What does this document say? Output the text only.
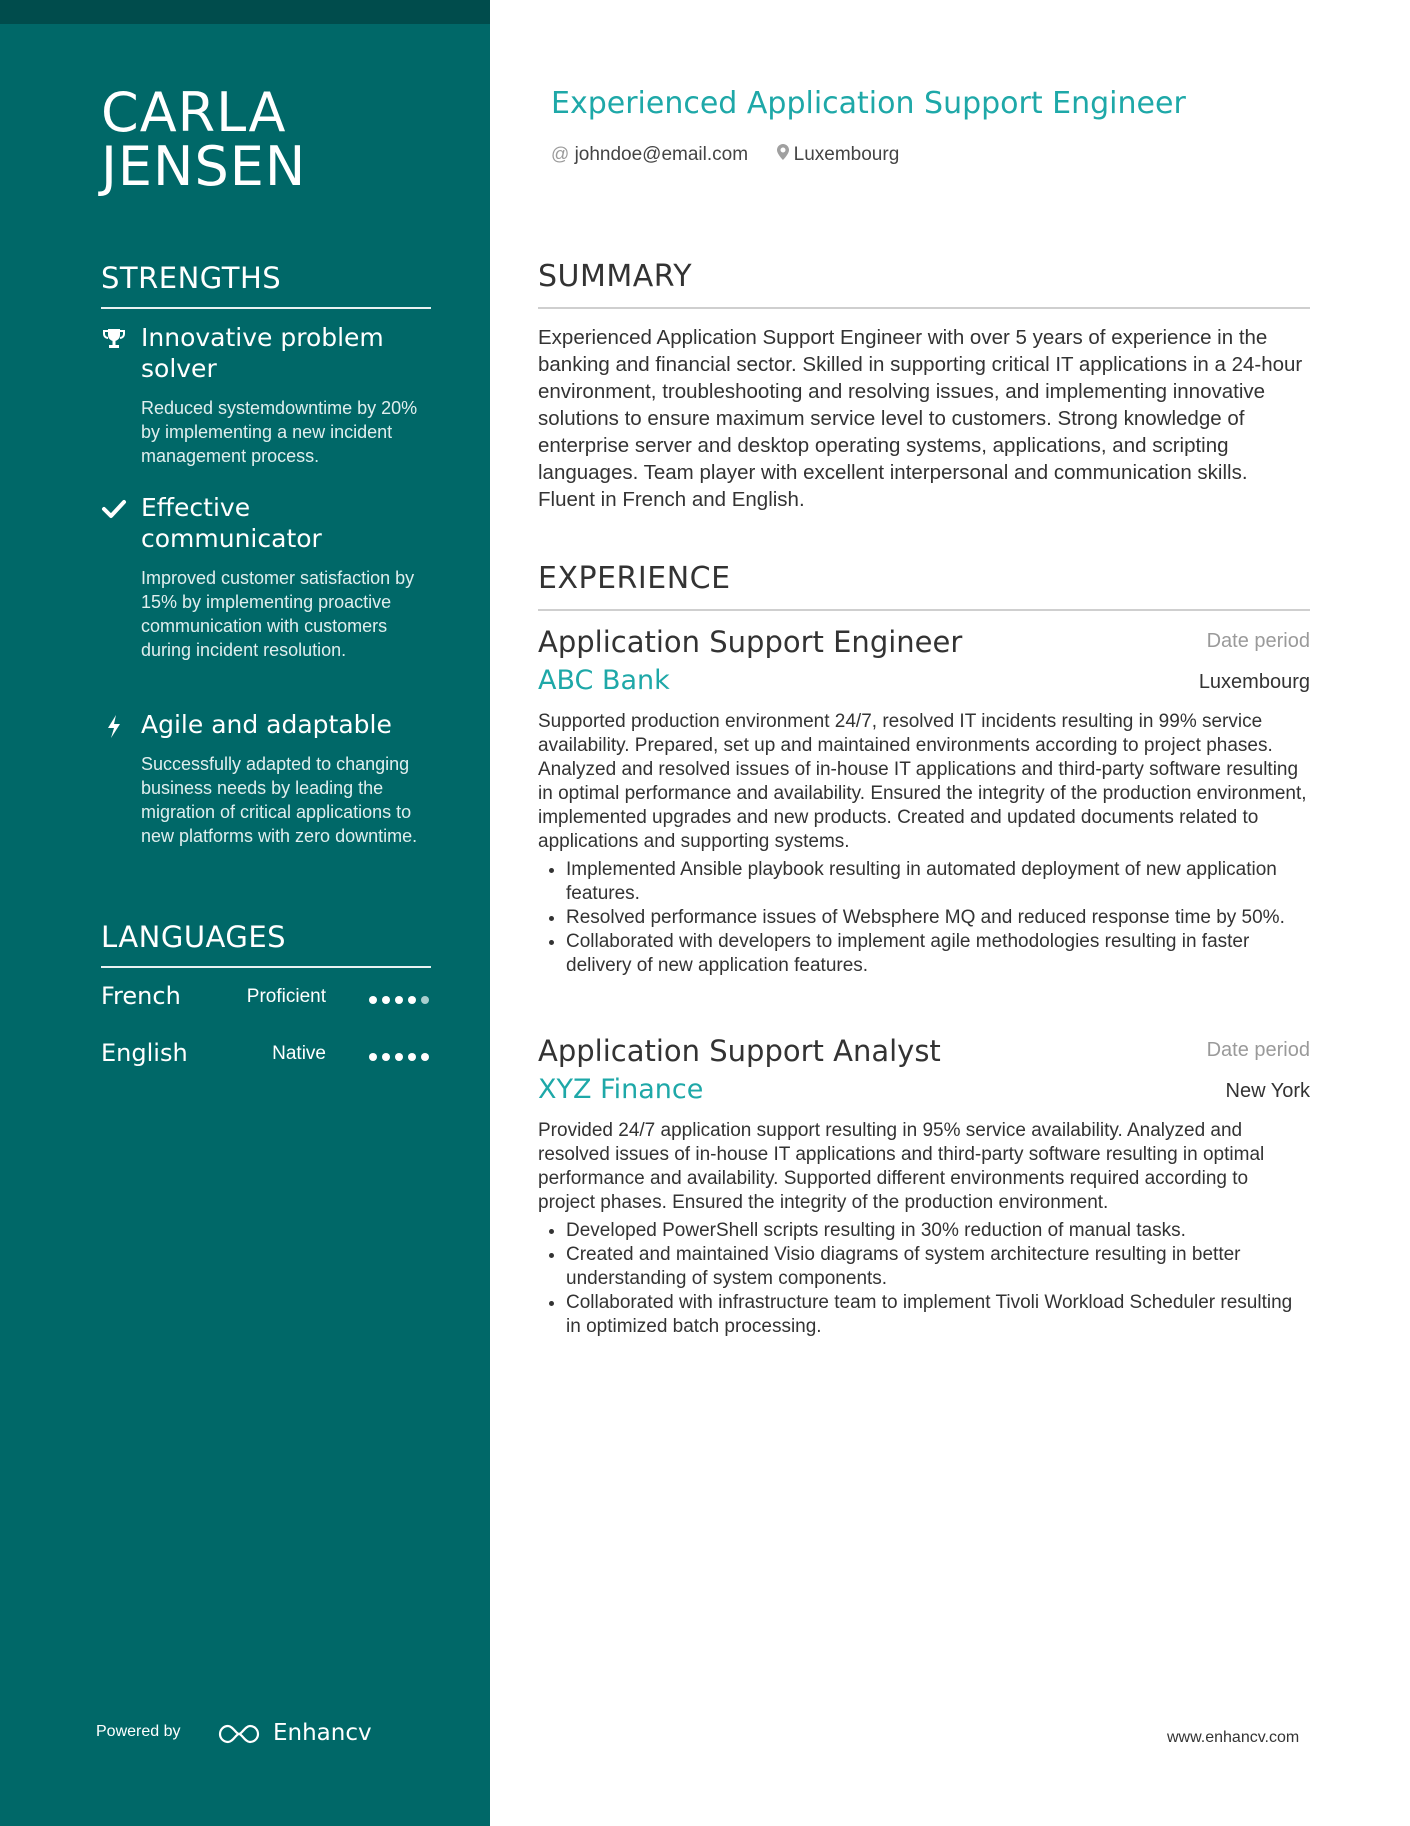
CARLA
JENSEN
STRENGTHS
Innovative problem solver
Reduced systemdowntime by 20% by implementing a new incident management process.
Effective communicator
Improved customer satisfaction by 15% by implementing proactive communication with customers during incident resolution.
Agile and adaptable
Successfully adapted to changing business needs by leading the migration of critical applications to new platforms with zero downtime.
LANGUAGES
French	Proficient
English	Native
Powered by	Enhancv
Experienced Application Support Engineer
@ johndoe@email.com Luxembourg
SUMMARY
Experienced Application Support Engineer with over 5 years of experience in the banking and financial sector. Skilled in supporting critical IT applications in a 24-hour environment, troubleshooting and resolving issues, and implementing innovative solutions to ensure maximum service level to customers. Strong knowledge of enterprise server and desktop operating systems, applications, and scripting languages. Team player with excellent interpersonal and communication skills. Fluent in French and English.
EXPERIENCE
Application Support Engineer	Date period
ABC Bank	Luxembourg
Supported production environment 24/7, resolved IT incidents resulting in 99% service availability. Prepared, set up and maintained environments according to project phases. Analyzed and resolved issues of in-house IT applications and third-party software resulting in optimal performance and availability. Ensured the integrity of the production environment, implemented upgrades and new products. Created and updated documents related to applications and supporting systems.
• Implemented Ansible playbook resulting in automated deployment of new application features.
• Resolved performance issues of Websphere MQ and reduced response time by 50%.
• Collaborated with developers to implement agile methodologies resulting in faster delivery of new application features.
Application Support Analyst	Date period
XYZ Finance	New York
Provided 24/7 application support resulting in 95% service availability. Analyzed and resolved issues of in-house IT applications and third-party software resulting in optimal performance and availability. Supported different environments required according to project phases. Ensured the integrity of the production environment.
• Developed PowerShell scripts resulting in 30% reduction of manual tasks.
• Created and maintained Visio diagrams of system architecture resulting in better understanding of system components.
• Collaborated with infrastructure team to implement Tivoli Workload Scheduler resulting in optimized batch processing.
www.enhancv.com
